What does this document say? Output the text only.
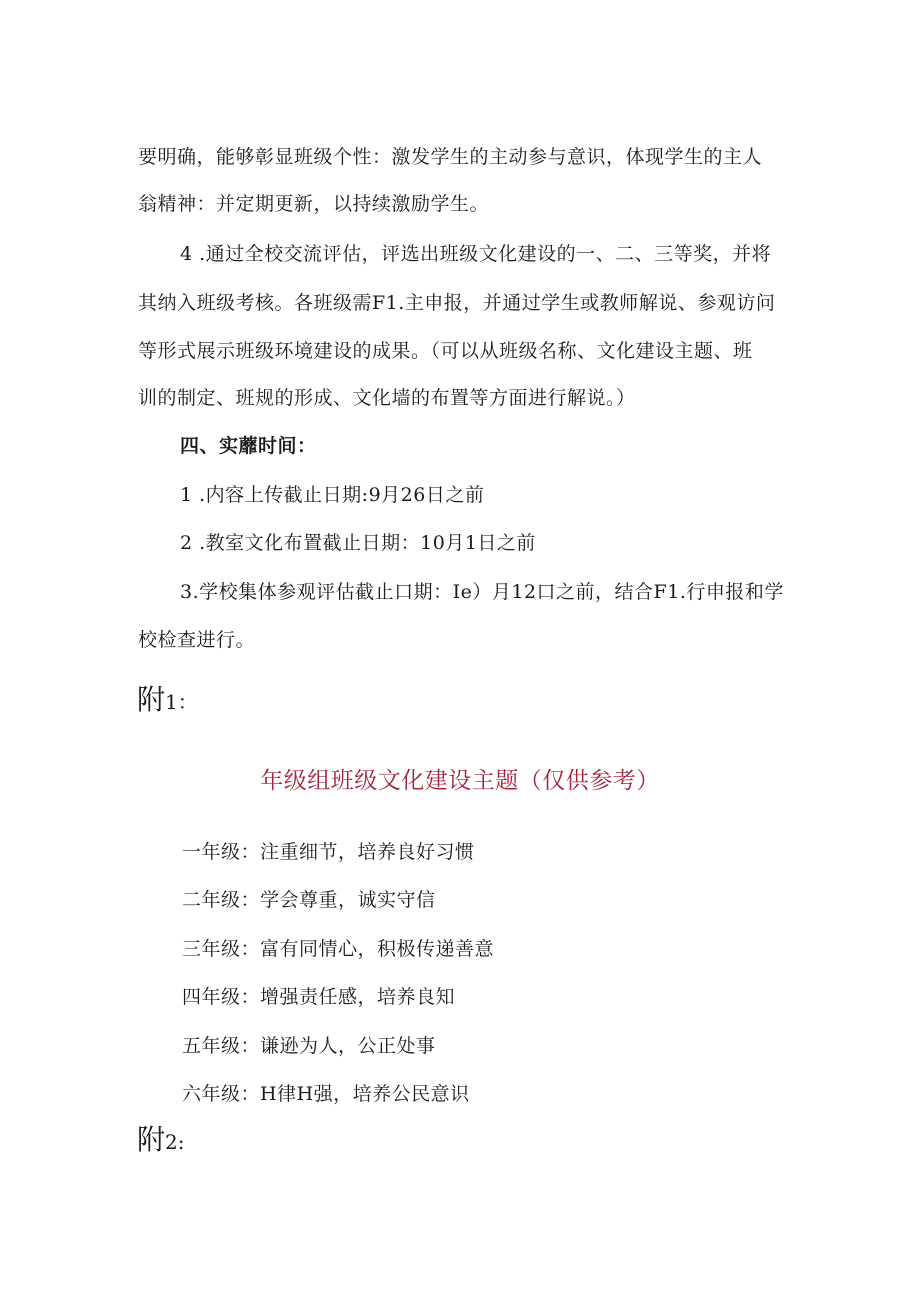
要明确，能够彰显班级个性：激发学生的主动参与意识，体现学生的主人
翁精神：并定期更新，以持续激励学生。
4 .通过全校交流评估，评选出班级文化建设的一、二、三等奖，并将
其纳入班级考核。各班级需F1.主申报，并通过学生或教师解说、参观访问
等形式展示班级环境建设的成果。（可以从班级名称、文化建设主题、班
训的制定、班规的形成、文化墙的布置等方面进行解说。）
四、实蘼时间：
1 .内容上传截止日期:9月26日之前
2 .教室文化布置截止日期：10月1日之前
3.学校集体参观评估截止口期：Ie）月12口之前，结合F1.行申报和学
校检查进行。
附1：
年级组班级文化建设主题（仅供参考）
一年级：注重细节，培养良好习惯
二年级：学会尊重，诚实守信
三年级：富有同情心，积极传递善意
四年级：增强责任感，培养良知
五年级：谦逊为人，公正处事
六年级：H律H强，培养公民意识
附2:
